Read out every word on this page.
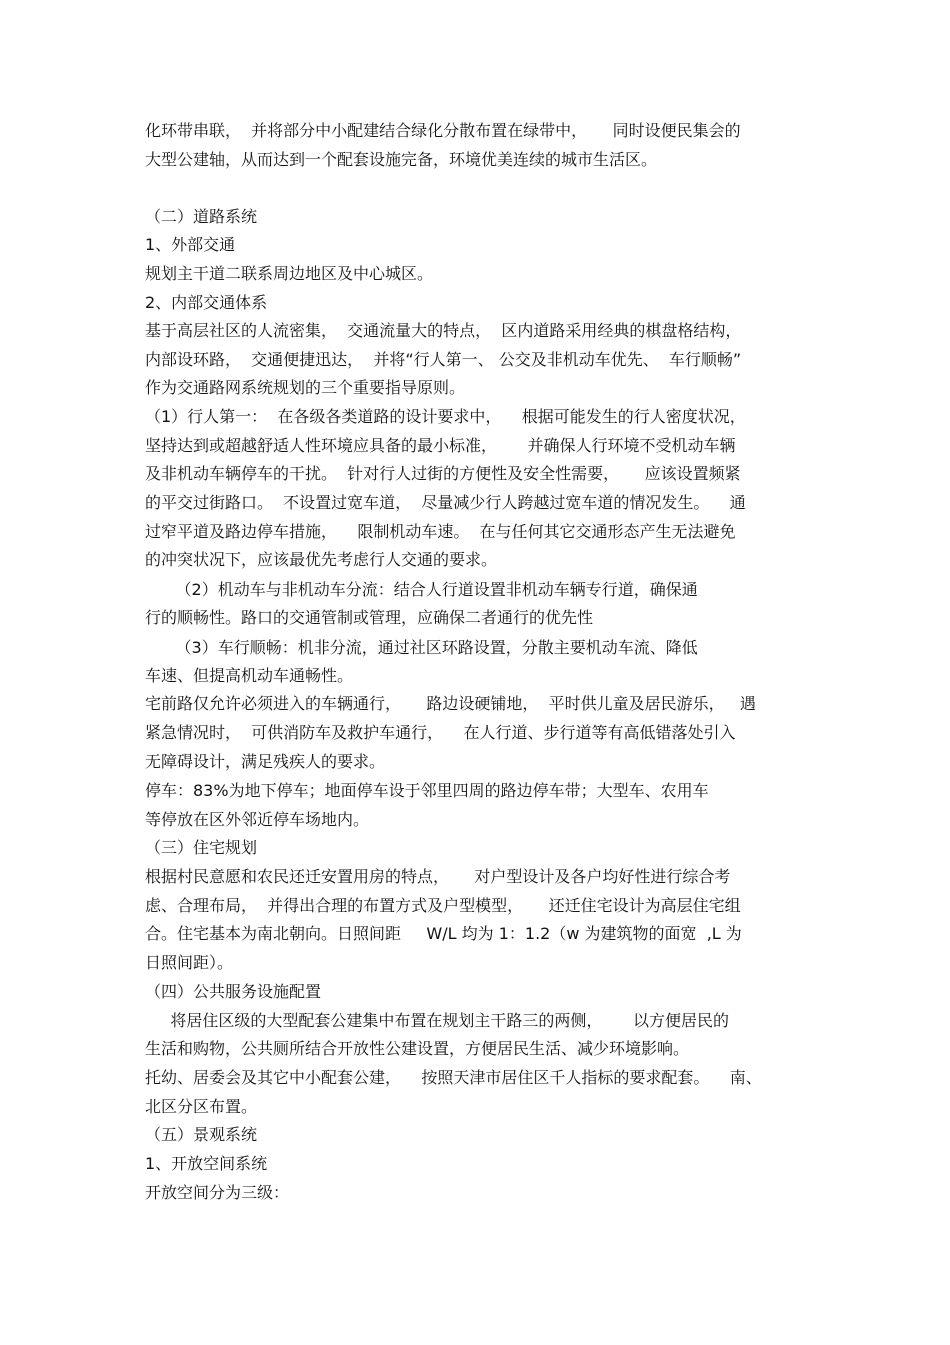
化环带串联，  并将部分中小配建结合绿化分散布置在绿带中，     同时设便民集会的
大型公建轴，从而达到一个配套设施完备，环境优美连续的城市生活区。
（二）道路系统
1、外部交通
规划主干道二联系周边地区及中心城区。
2、内部交通体系
基于高层社区的人流密集，  交通流量大的特点，  区内道路采用经典的棋盘格结构，
内部设环路，  交通便捷迅达，  并将“行人第一、 公交及非机动车优先、  车行顺畅”
作为交通路网系统规划的三个重要指导原则。
（1）行人第一：  在各级各类道路的设计要求中，    根据可能发生的行人密度状况，
坚持达到或超越舒适人性环境应具备的最小标准，      并确保人行环境不受机动车辆
及非机动车辆停车的干扰。  针对行人过街的方便性及安全性需要，     应该设置频紧
的平交过街路口。  不设置过宽车道，  尽量减少行人跨越过宽车道的情况发生。    通
过窄平道及路边停车措施，    限制机动车速。  在与任何其它交通形态产生无法避免
的冲突状况下，应该最优先考虑行人交通的要求。
（2）机动车与非机动车分流：结合人行道设置非机动车辆专行道，确保通
行的顺畅性。路口的交通管制或管理，应确保二者通行的优先性
（3）车行顺畅：机非分流，通过社区环路设置，分散主要机动车流、降低
车速、但提高机动车通畅性。
宅前路仅允许必须进入的车辆通行，     路边设硬铺地，  平时供儿童及居民游乐，   遇
紧急情况时，  可供消防车及救护车通行，    在人行道、步行道等有高低错落处引入
无障碍设计，满足残疾人的要求。
停车：83%为地下停车；地面停车设于邻里四周的路边停车带；大型车、农用车
等停放在区外邻近停车场地内。
（三）住宅规划
根据村民意愿和农民还迁安置用房的特点，     对户型设计及各户均好性进行综合考
虑、合理布局，  并得出合理的布置方式及户型模型，     还迁住宅设计为高层住宅组
合。住宅基本为南北朝向。日照间距     W/L 均为 1：1.2（w 为建筑物的面宽  ,L 为
日照间距）。
（四）公共服务设施配置
将居住区级的大型配套公建集中布置在规划主干路三的两侧，      以方便居民的
生活和购物，公共厕所结合开放性公建设置，方便居民生活、减少环境影响。
托幼、居委会及其它中小配套公建，    按照天津市居住区千人指标的要求配套。    南、
北区分区布置。
（五）景观系统
1、开放空间系统
开放空间分为三级：
